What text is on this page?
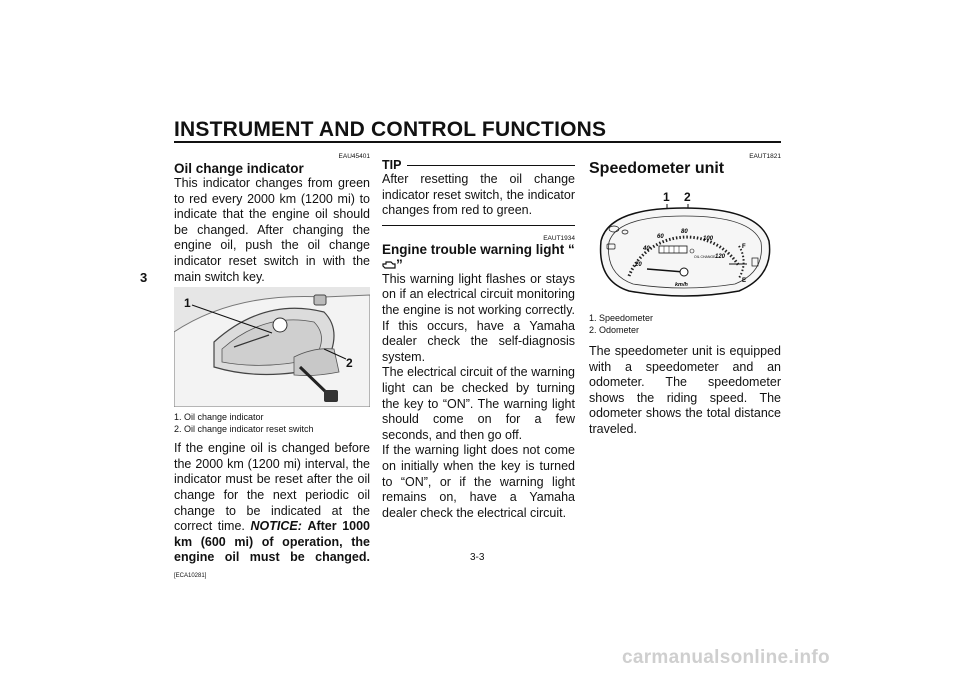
INSTRUMENT AND CONTROL FUNCTIONS
3
EAU45401
Oil change indicator

This indicator changes from green to red every 2000 km (1200 mi) to indicate that the engine oil should be changed. After changing the engine oil, push the oil change indicator reset switch in with the main switch key.

1
2
1. Oil change indicator
2. Oil change indicator reset switch

If the engine oil is changed before the 2000 km (1200 mi) interval, the indicator must be reset after the oil change for the next periodic oil change to be indicated at the correct time. NOTICE: After 1000 km (600 mi) of operation, the engine oil must be changed. [ECA10281]

TIP

After resetting the oil change indicator reset switch, the indicator changes from red to green.

EAUT1934
Engine trouble warning light “”

This warning light flashes or stays on if an electrical circuit monitoring the engine is not working correctly. If this occurs, have a Yamaha dealer check the self-diagnosis system.

The electrical circuit of the warning light can be checked by turning the key to “ON”. The warning light should come on for a few seconds, and then go off.

If the warning light does not come on initially when the key is turned to “ON”, or if the warning light remains on, have a Yamaha dealer check the electrical circuit.

EAUT1821
Speedometer unit
1 2
20
40
60
80
100
120
km/h
OIL CHANGE
F
E
1. Speedometer
2. Odometer

The speedometer unit is equipped with a speedometer and an odometer. The speedometer shows the riding speed. The odometer shows the total distance traveled.

3-3
carmanualsonline.info
